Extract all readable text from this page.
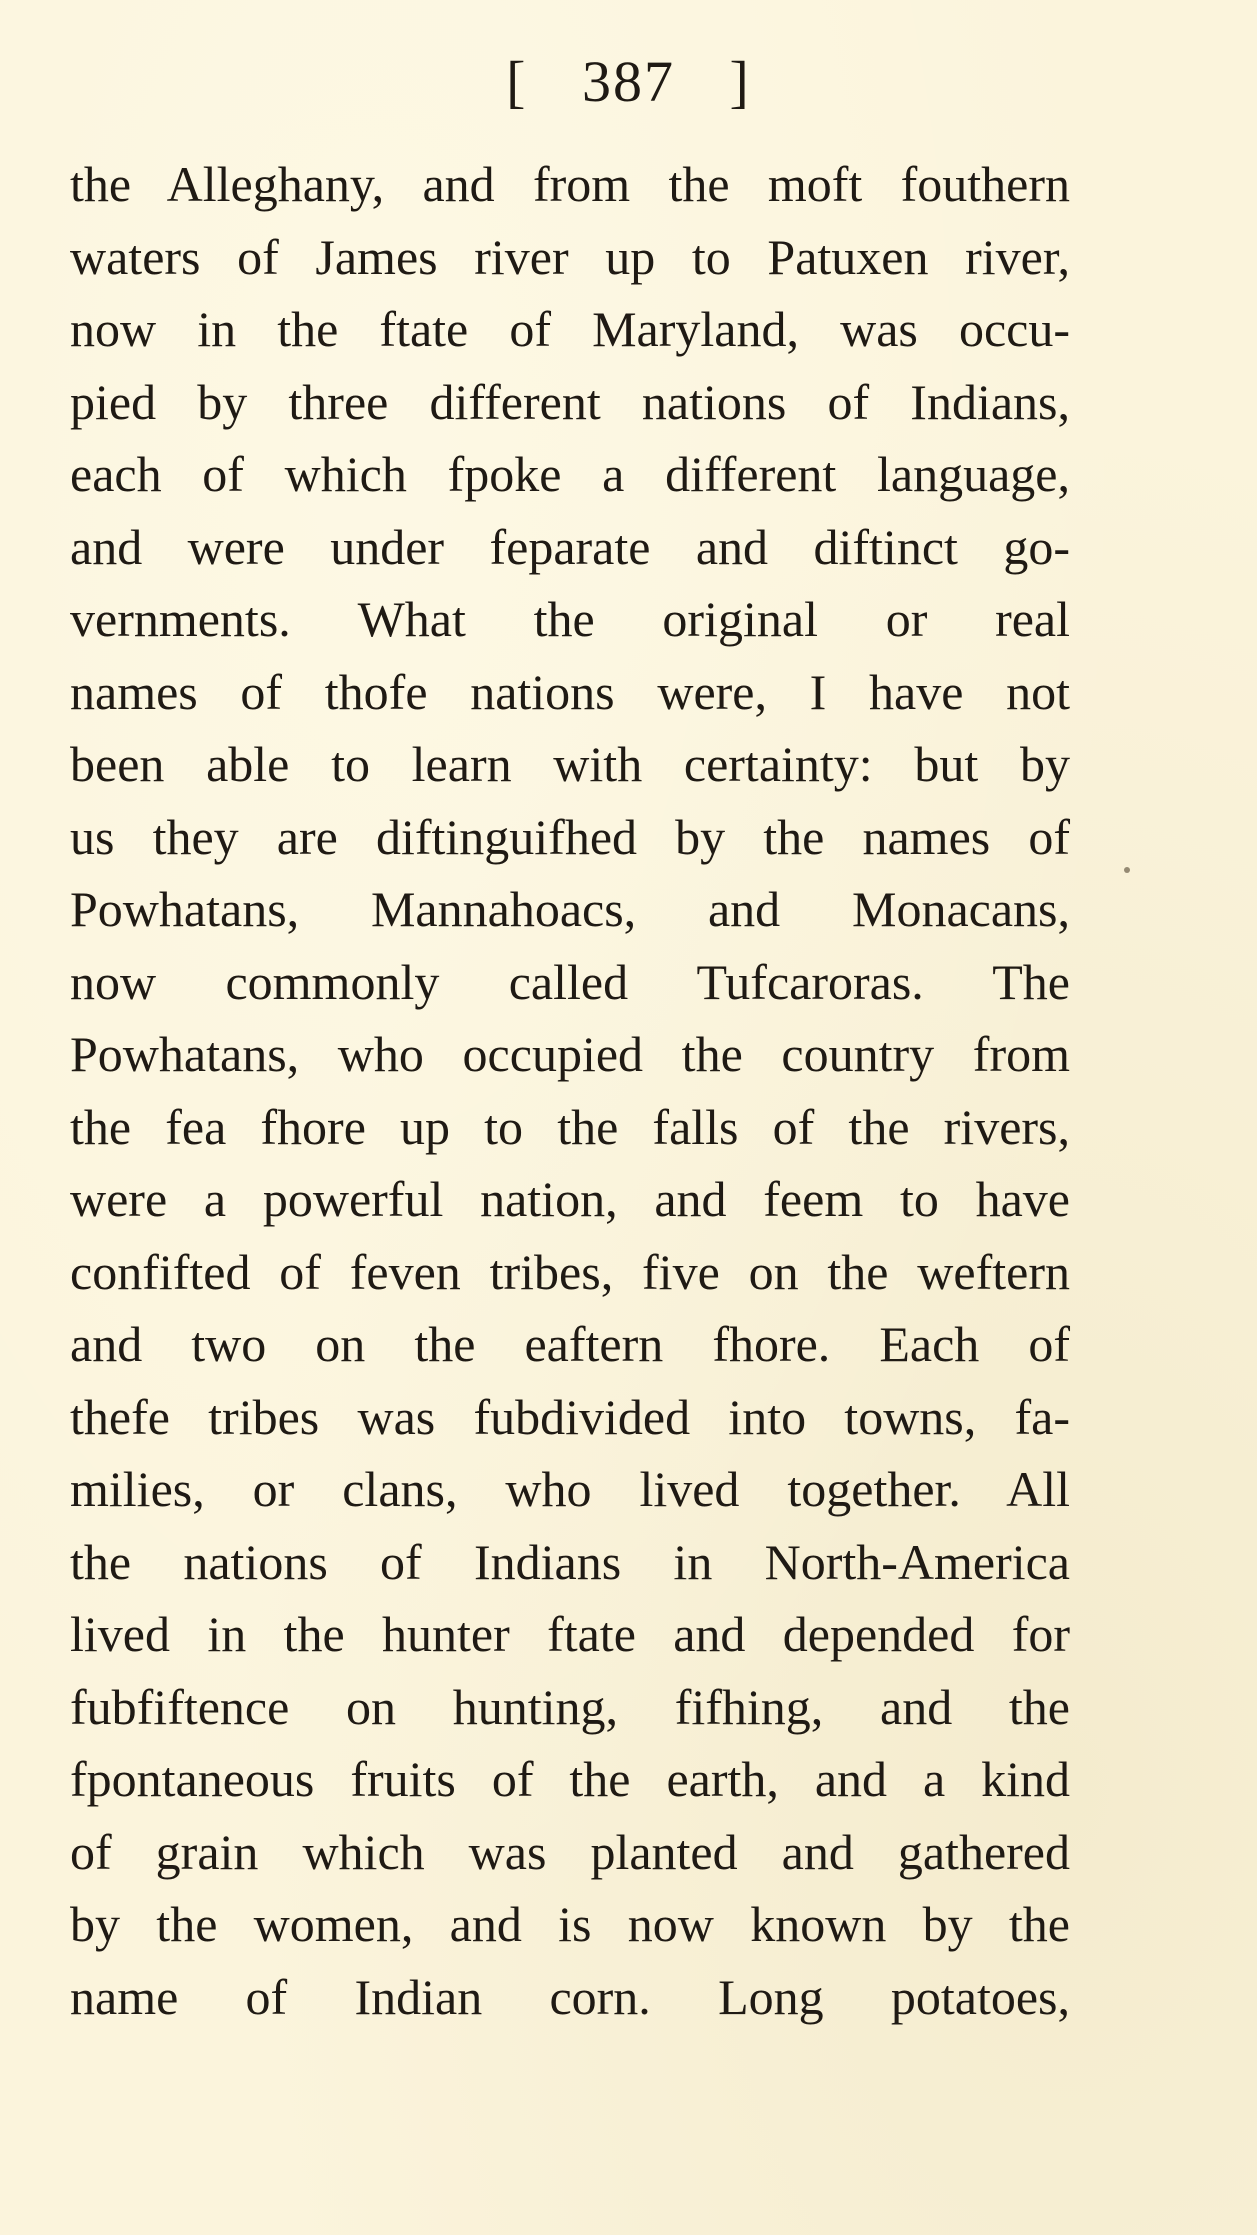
[ 387 ]
the Alleghany, and from the moft fouthern
waters of James river up to Patuxen river,
now in the ftate of Maryland, was occu-
pied by three different nations of Indians,
each of which fpoke a different language,
and were under feparate and diftinct go-
vernments. What the original or real
names of thofe nations were, I have not
been able to learn with certainty: but by
us they are diftinguifhed by the names of
Powhatans, Mannahoacs, and Monacans,
now commonly called Tufcaroras. The
Powhatans, who occupied the country from
the fea fhore up to the falls of the rivers,
were a powerful nation, and feem to have
confifted of feven tribes, five on the weftern
and two on the eaftern fhore. Each of
thefe tribes was fubdivided into towns, fa-
milies, or clans, who lived together. All
the nations of Indians in North-America
lived in the hunter ftate and depended for
fubfiftence on hunting, fifhing, and the
fpontaneous fruits of the earth, and a kind
of grain which was planted and gathered
by the women, and is now known by the
name of Indian corn. Long potatoes,
